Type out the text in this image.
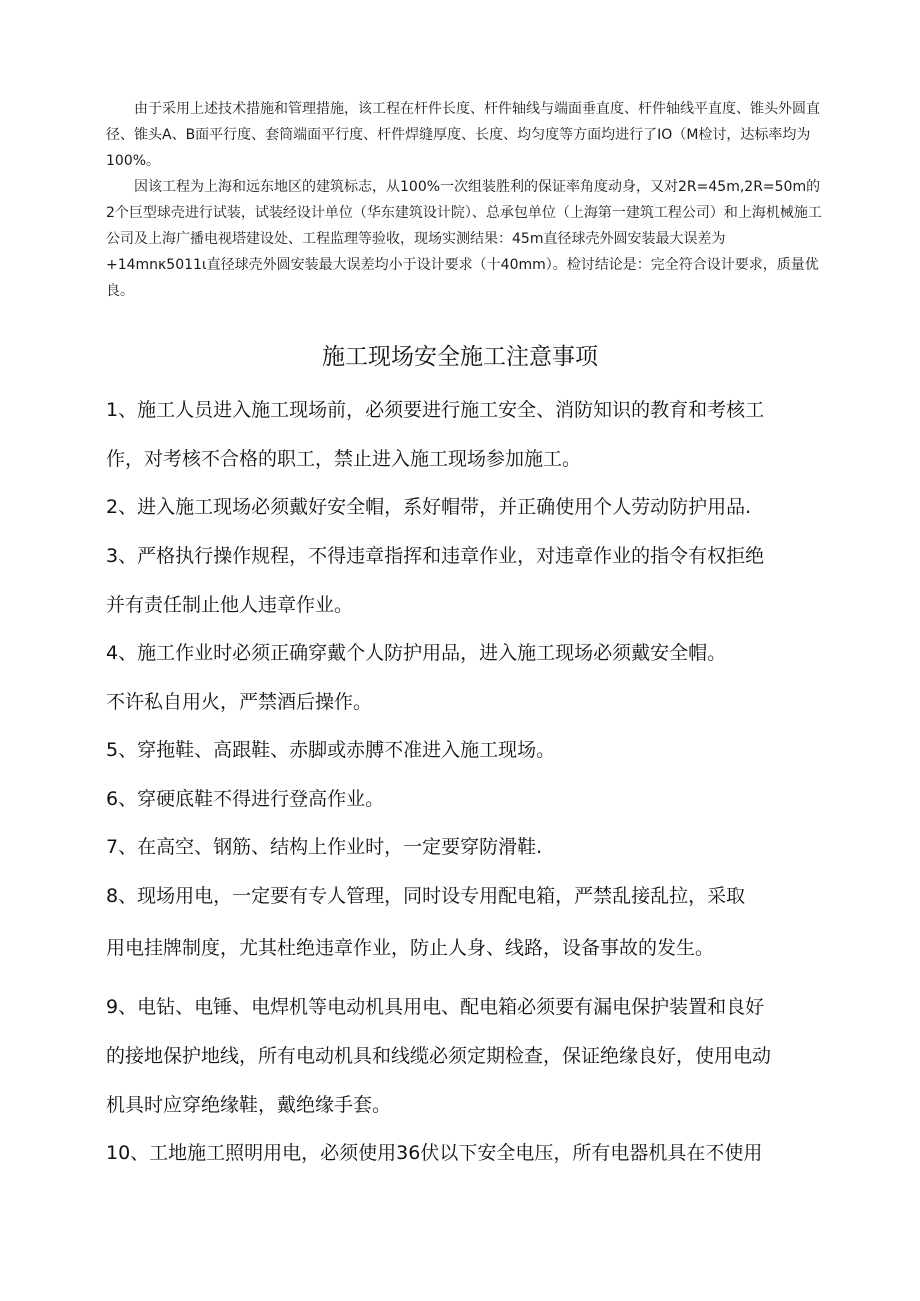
由于采用上述技术措施和管理措施，该工程在杆件长度、杆件轴线与端面垂直度、杆件轴线平直度、锥头外圆直径、锥头A、B面平行度、套筒端面平行度、杆件焊缝厚度、长度、均匀度等方面均进行了IO（M检讨，达标率均为100%。

因该工程为上海和远东地区的建筑标志，从100%一次组装胜利的保证率角度动身，又对2R=45m,2R=50m的2个巨型球壳进行试装，试装经设计单位（华东建筑设计院）、总承包单位（上海第一建筑工程公司）和上海机械施工公司及上海广播电视塔建设处、工程监理等验收，现场实测结果：45m直径球壳外圆安装最大误差为+14mnκ5011ι直径球壳外圆安装最大误差均小于设计要求（十40mm）。检讨结论是：完全符合设计要求，质量优良。

施工现场安全施工注意事项
1、施工人员进入施工现场前，必须要进行施工安全、消防知识的教育和考核工
作，对考核不合格的职工，禁止进入施工现场参加施工。
2、进入施工现场必须戴好安全帽，系好帽带，并正确使用个人劳动防护用品.
3、严格执行操作规程，不得违章指挥和违章作业，对违章作业的指令有权拒绝
并有责任制止他人违章作业。
4、施工作业时必须正确穿戴个人防护用品，进入施工现场必须戴安全帽。
不许私自用火，严禁酒后操作。
5、穿拖鞋、高跟鞋、赤脚或赤膊不准进入施工现场。
6、穿硬底鞋不得进行登高作业。
7、在高空、钢筋、结构上作业时，一定要穿防滑鞋.
8、现场用电，一定要有专人管理，同时设专用配电箱，严禁乱接乱拉，采取
用电挂牌制度，尤其杜绝违章作业，防止人身、线路，设备事故的发生。
9、电钻、电锤、电焊机等电动机具用电、配电箱必须要有漏电保护装置和良好
的接地保护地线，所有电动机具和线缆必须定期检查，保证绝缘良好，使用电动
机具时应穿绝缘鞋，戴绝缘手套。
10、工地施工照明用电，必须使用36伏以下安全电压，所有电器机具在不使用
